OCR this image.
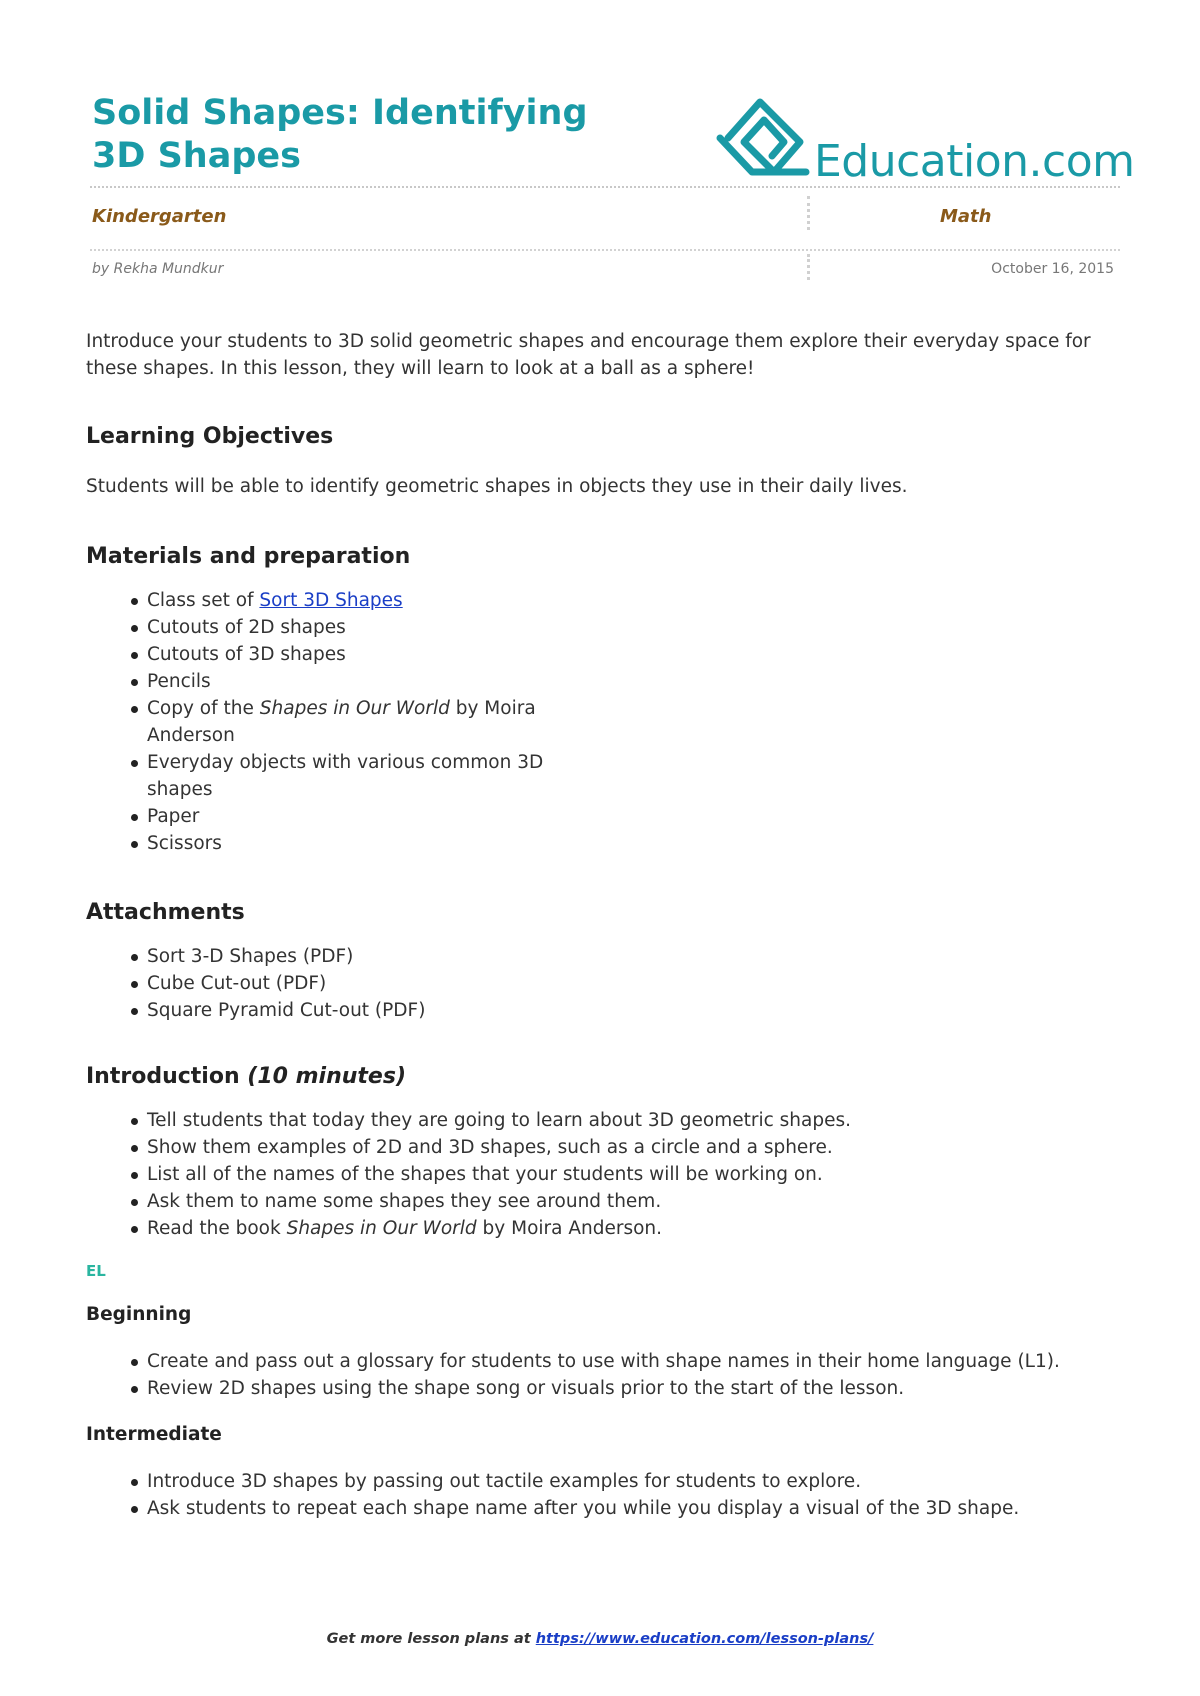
Solid Shapes: Identifying 3D Shapes	Education.com
Kindergarten	Math
by Rekha Mundkur	October 16, 2015

Introduce your students to 3D solid geometric shapes and encourage them explore their everyday space for these shapes. In this lesson, they will learn to look at a ball as a sphere!

Learning Objectives

Students will be able to identify geometric shapes in objects they use in their daily lives.

Materials and preparation
Class set of Sort 3D Shapes
Cutouts of 2D shapes
Cutouts of 3D shapes
Pencils
Copy of the Shapes in Our World by Moira Anderson
Everyday objects with various common 3D shapes
Paper
Scissors
Attachments
Sort 3-D Shapes (PDF)
Cube Cut-out (PDF)
Square Pyramid Cut-out (PDF)
Introduction (10 minutes)
Tell students that today they are going to learn about 3D geometric shapes.
Show them examples of 2D and 3D shapes, such as a circle and a sphere.
List all of the names of the shapes that your students will be working on.
Ask them to name some shapes they see around them.
Read the book Shapes in Our World by Moira Anderson.
EL
Beginning
Create and pass out a glossary for students to use with shape names in their home language (L1).
Review 2D shapes using the shape song or visuals prior to the start of the lesson.
Intermediate
Introduce 3D shapes by passing out tactile examples for students to explore.
Ask students to repeat each shape name after you while you display a visual of the 3D shape.
Get more lesson plans at https://www.education.com/lesson-plans/
